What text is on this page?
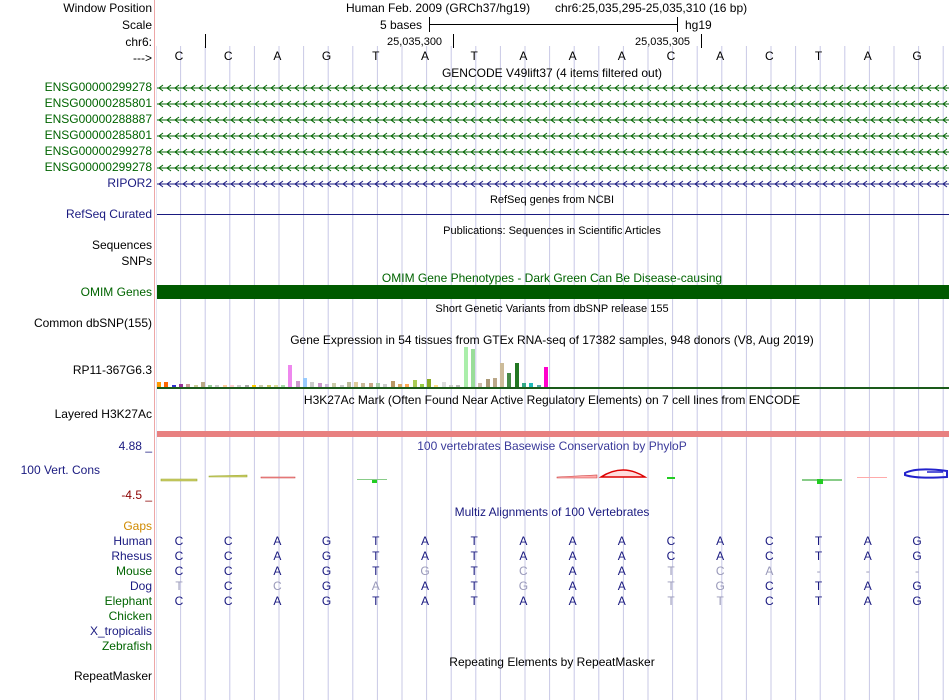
Window Position	Human Feb. 2009 (GRCh37/hg19) chr6:25,035,295-25,035,310 (16 bp)
Scale	5 bases	hg19
chr6:	25,035,300	25,035,305
--->	C	C	A	G	T	A	T	A	A	A	C	A	C	T	A	G
GENCODE V49lift37 (4 items filtered out)
ENSG00000299278
ENSG00000285801
ENSG00000288887
ENSG00000285801
ENSG00000299278
ENSG00000299278
RIPOR2
RefSeq genes from NCBI
RefSeq Curated
Publications: Sequences in Scientific Articles
Sequences
SNPs
OMIM Gene Phenotypes - Dark Green Can Be Disease-causing
OMIM Genes
Short Genetic Variants from dbSNP release 155
Common dbSNP(155)
Gene Expression in 54 tissues from GTEx RNA-seq of 17382 samples, 948 donors (V8, Aug 2019)
RP11-367G6.3
H3K27Ac Mark (Often Found Near Active Regulatory Elements) on 7 cell lines from ENCODE
Layered H3K27Ac
100 vertebrates Basewise Conservation by PhyloP
4.88 _
100 Vert. Cons
-4.5 _
Multiz Alignments of 100 Vertebrates
Gaps
Human	C	C	A	G	T	A	T	A	A	A	C	A	C	T	A	G
Rhesus	C	C	A	G	T	A	T	A	A	A	C	A	C	T	A	G
Mouse	C	C	A	G	T	G	T	C	A	A	T	C	A	-	-	-
Dog	T	C	C	G	A	A	T	G	A	A	T	G	C	T	A	G
Elephant	C	C	A	G	T	A	T	A	A	A	T	T	C	T	A	G
Chicken
X_tropicalis
Zebrafish
Repeating Elements by RepeatMasker
RepeatMasker
